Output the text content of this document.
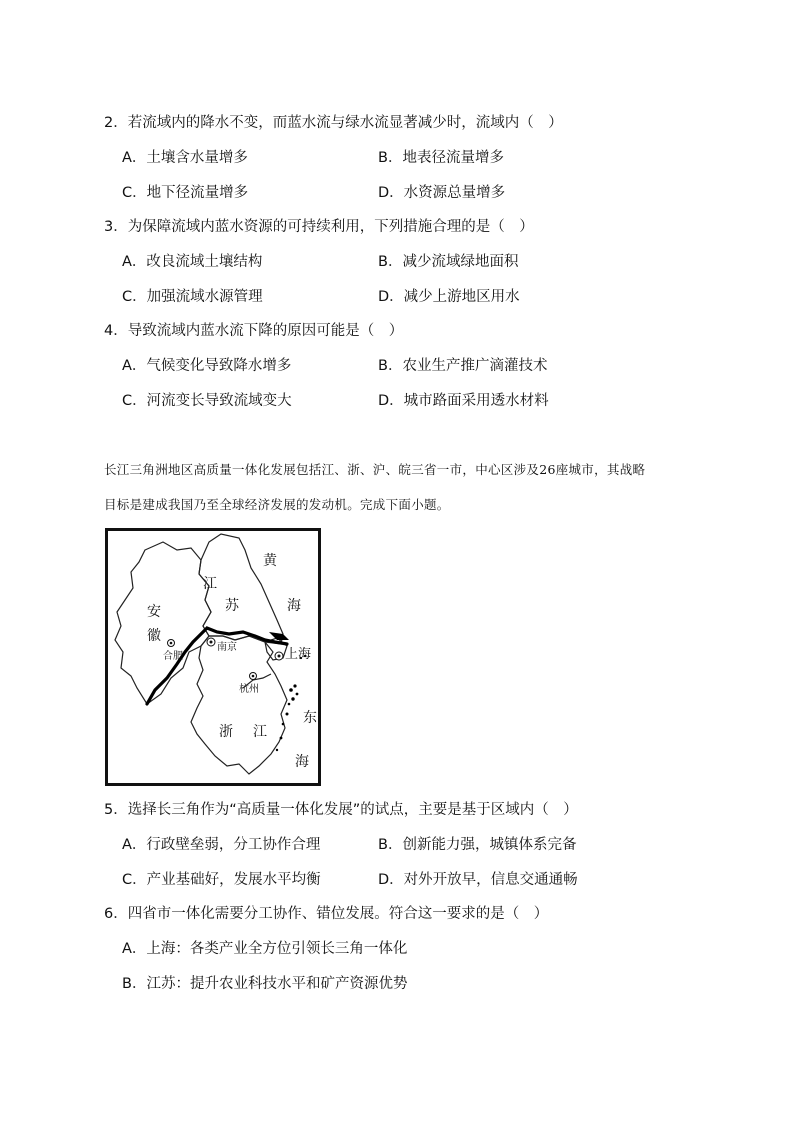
2．若流域内的降水不变，而蓝水流与绿水流显著减少时，流域内（　）
A．土壤含水量增多	B．地表径流量增多
C．地下径流量增多	D．水资源总量增多
3．为保障流域内蓝水资源的可持续利用，下列措施合理的是（　）
A．改良流域土壤结构	B．减少流域绿地面积
C．加强流域水源管理	D．减少上游地区用水
4．导致流域内蓝水流下降的原因可能是（　）
A．气候变化导致降水增多	B．农业生产推广滴灌技术
C．河流变长导致流域变大	D．城市路面采用透水材料
长江三角洲地区高质量一体化发展包括江、浙、沪、皖三省一市，中心区涉及26座城市，其战略
目标是建成我国乃至全球经济发展的发动机。完成下面小题。
黄
海
江
苏
安
徽
浙 江
东
海
合肥
南京	上海
杭州
5．选择长三角作为“高质量一体化发展”的试点，主要是基于区域内（　）
A．行政壁垒弱，分工协作合理	B．创新能力强，城镇体系完备
C．产业基础好，发展水平均衡	D．对外开放早，信息交通通畅
6．四省市一体化需要分工协作、错位发展。符合这一要求的是（　）
A．上海：各类产业全方位引领长三角一体化
B．江苏：提升农业科技水平和矿产资源优势
